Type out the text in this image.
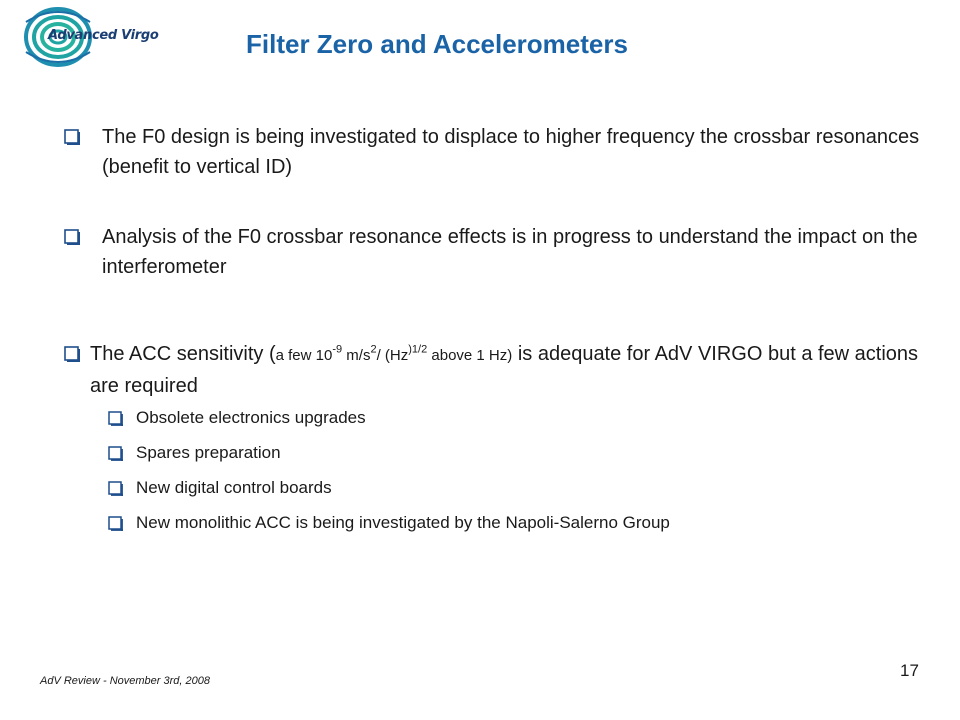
Advanced Virgo	Filter Zero and Accelerometers
The F0 design is being investigated to displace to higher frequency the crossbar resonances (benefit to vertical ID)
Analysis of the F0 crossbar resonance effects is in progress to understand the impact on the interferometer
The ACC sensitivity (a few $10^{-9}$ $m/s^2/$ ($Hz^{)1/2}$ above 1 Hz) is adequate for AdV VIRGO but a few actions are required
Obsolete electronics upgrades
Spares preparation
New digital control boards
New monolithic ACC is being investigated by the Napoli-Salerno Group
AdV Review - November 3rd, 2008
17
